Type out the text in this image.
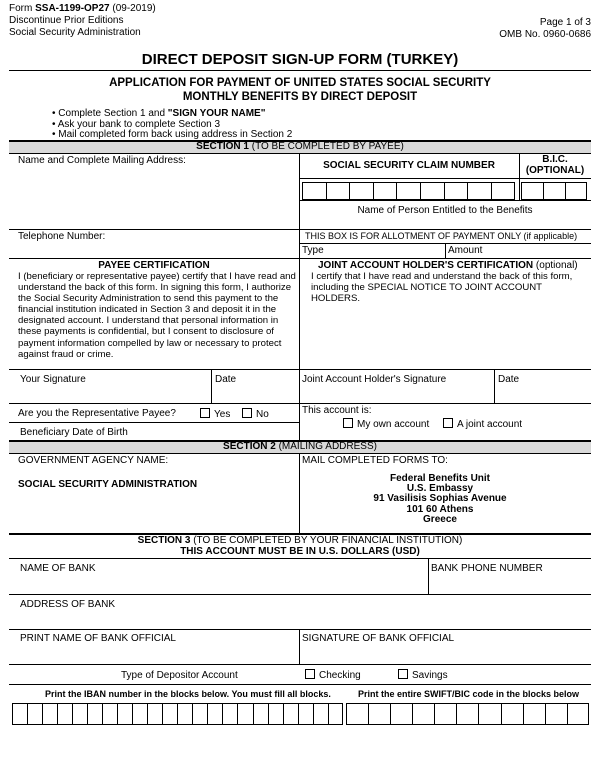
Form SSA-1199-OP27 (09-2019)
Discontinue Prior Editions
Social Security Administration
Page 1 of 3
OMB No. 0960-0686
DIRECT DEPOSIT SIGN-UP FORM (TURKEY)
APPLICATION FOR PAYMENT OF UNITED STATES SOCIAL SECURITY
MONTHLY BENEFITS BY DIRECT DEPOSIT
• Complete Section 1 and "SIGN YOUR NAME"
• Ask your bank to complete Section 3
• Mail completed form back using address in Section 2
SECTION 1 (TO BE COMPLETED BY PAYEE)
Name and Complete Mailing Address:	SOCIAL SECURITY CLAIM NUMBER
B.I.C.
(OPTIONAL)
Name of Person Entitled to the Benefits
Telephone Number:	THIS BOX IS FOR ALLOTMENT OF PAYMENT ONLY (if applicable)
Type	Amount
PAYEE CERTIFICATION
I (beneficiary or representative payee) certify that I have read and understand the back of this form. In signing this form, I authorize the Social Security Administration to send this payment to the financial institution indicated in Section 3 and deposit it in the designated account. I understand that personal information in these payments is confidential, but I consent to disclosure of payment information compelled by law or necessary to protect against fraud or crime.
JOINT ACCOUNT HOLDER'S CERTIFICATION (optional)
I certify that I have read and understand the back of this form, including the SPECIAL NOTICE TO JOINT ACCOUNT HOLDERS.
Your Signature	Date	Joint Account Holder's Signature	Date
Are you the Representative Payee?	Yes	No
Beneficiary Date of Birth
This account is:
My own account	A joint account
SECTION 2 (MAILING ADDRESS)
GOVERNMENT AGENCY NAME:
SOCIAL SECURITY ADMINISTRATION
MAIL COMPLETED FORMS TO:
Federal Benefits Unit
U.S. Embassy
91 Vasilisis Sophias Avenue
101 60 Athens
Greece
SECTION 3 (TO BE COMPLETED BY YOUR FINANCIAL INSTITUTION)
THIS ACCOUNT MUST BE IN U.S. DOLLARS (USD)
NAME OF BANK	BANK PHONE NUMBER
ADDRESS OF BANK
PRINT NAME OF BANK OFFICIAL	SIGNATURE OF BANK OFFICIAL
Type of Depositor Account	Checking	Savings
Print the IBAN number in the blocks below. You must fill all blocks.	Print the entire SWIFT/BIC code in the blocks below
